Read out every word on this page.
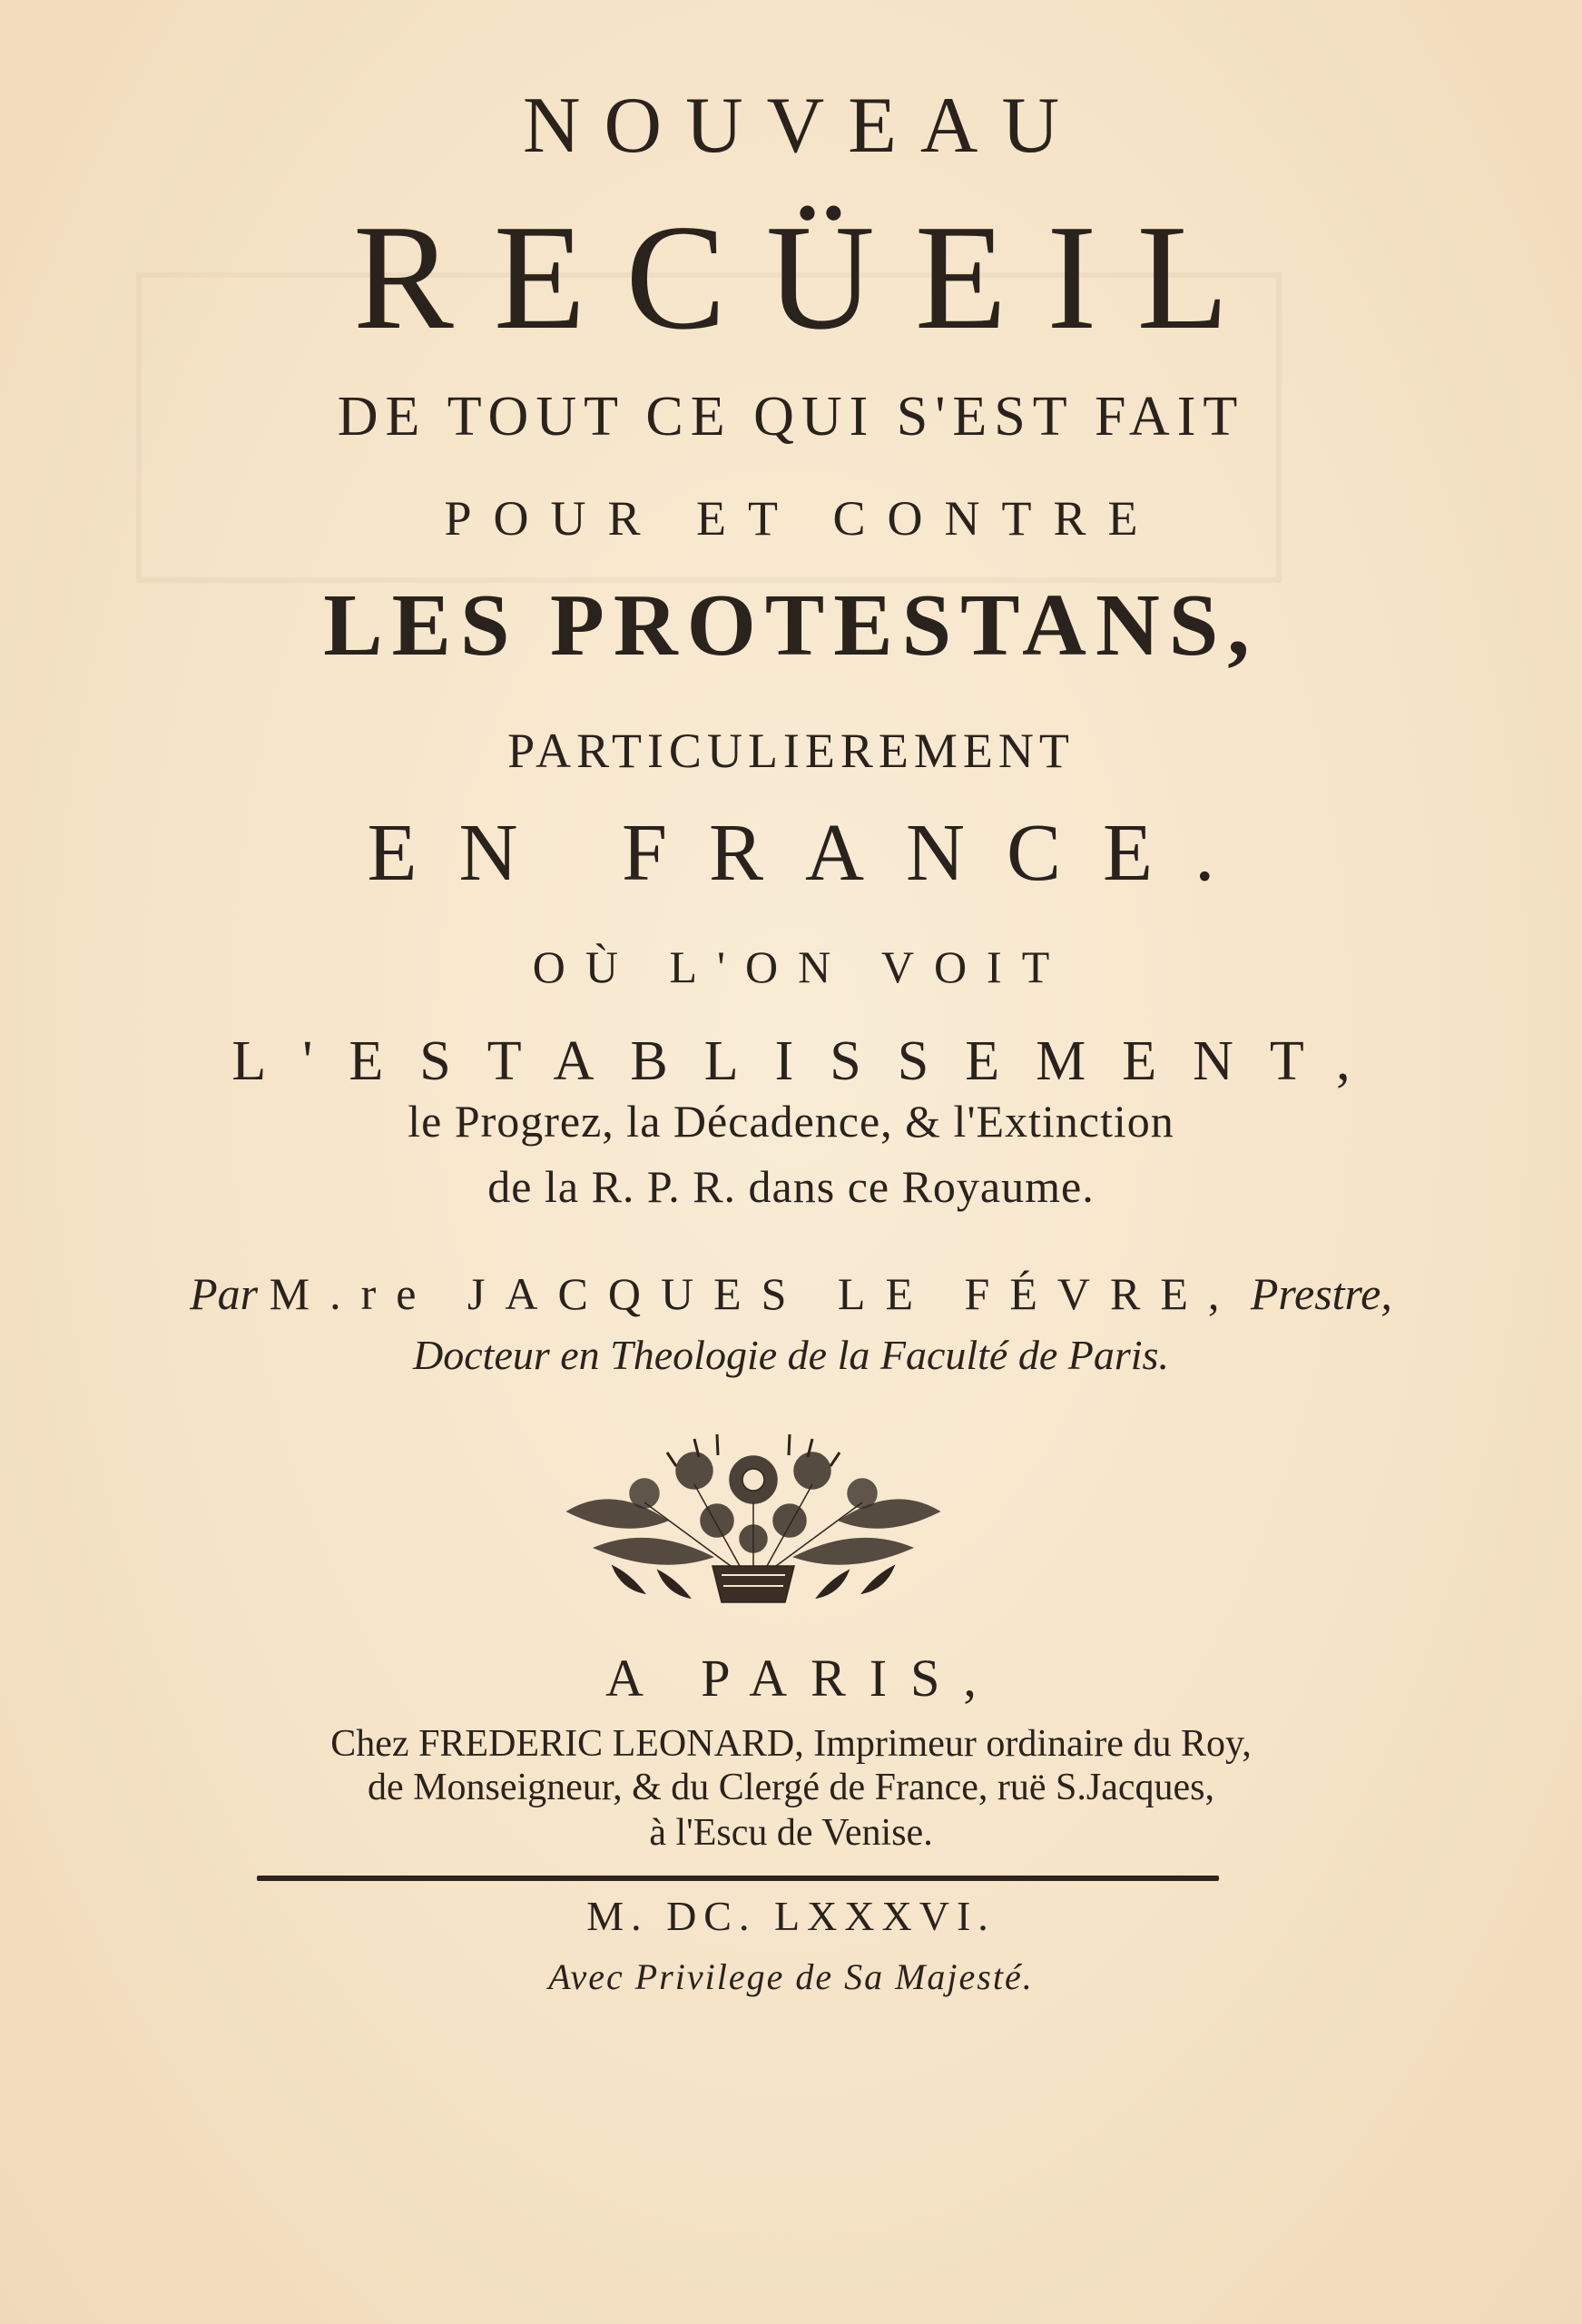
NOUVEAU
RECÜEIL
DE TOUT CE QUI S'EST FAIT
POUR ET CONTRE
LES PROTESTANS,
PARTICULIEREMENT
EN FRANCE.
OÙ L'ON VOIT
L'ESTABLISSEMENT,
le Progrez, la Décadence, & l'Extinction
de la R. P. R. dans ce Royaume.
Par M.re JACQUES LE FÉVRE, Prestre,
Docteur en Theologie de la Faculté de Paris.
A PARIS,
Chez FREDERIC LEONARD, Imprimeur ordinaire du Roy,
de Monseigneur, & du Clergé de France, ruë S.Jacques,
à l'Escu de Venise.
M. DC. LXXXVI.
Avec Privilege de Sa Majesté.
